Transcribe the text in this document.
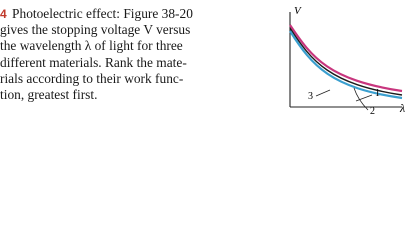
4 Photoelectric effect: Figure 38-20
gives the stopping voltage V versus
the wavelength λ of light for three
different materials. Rank the mate-
rials according to their work func-
tion, greatest first.
V
λ
1
2
3
